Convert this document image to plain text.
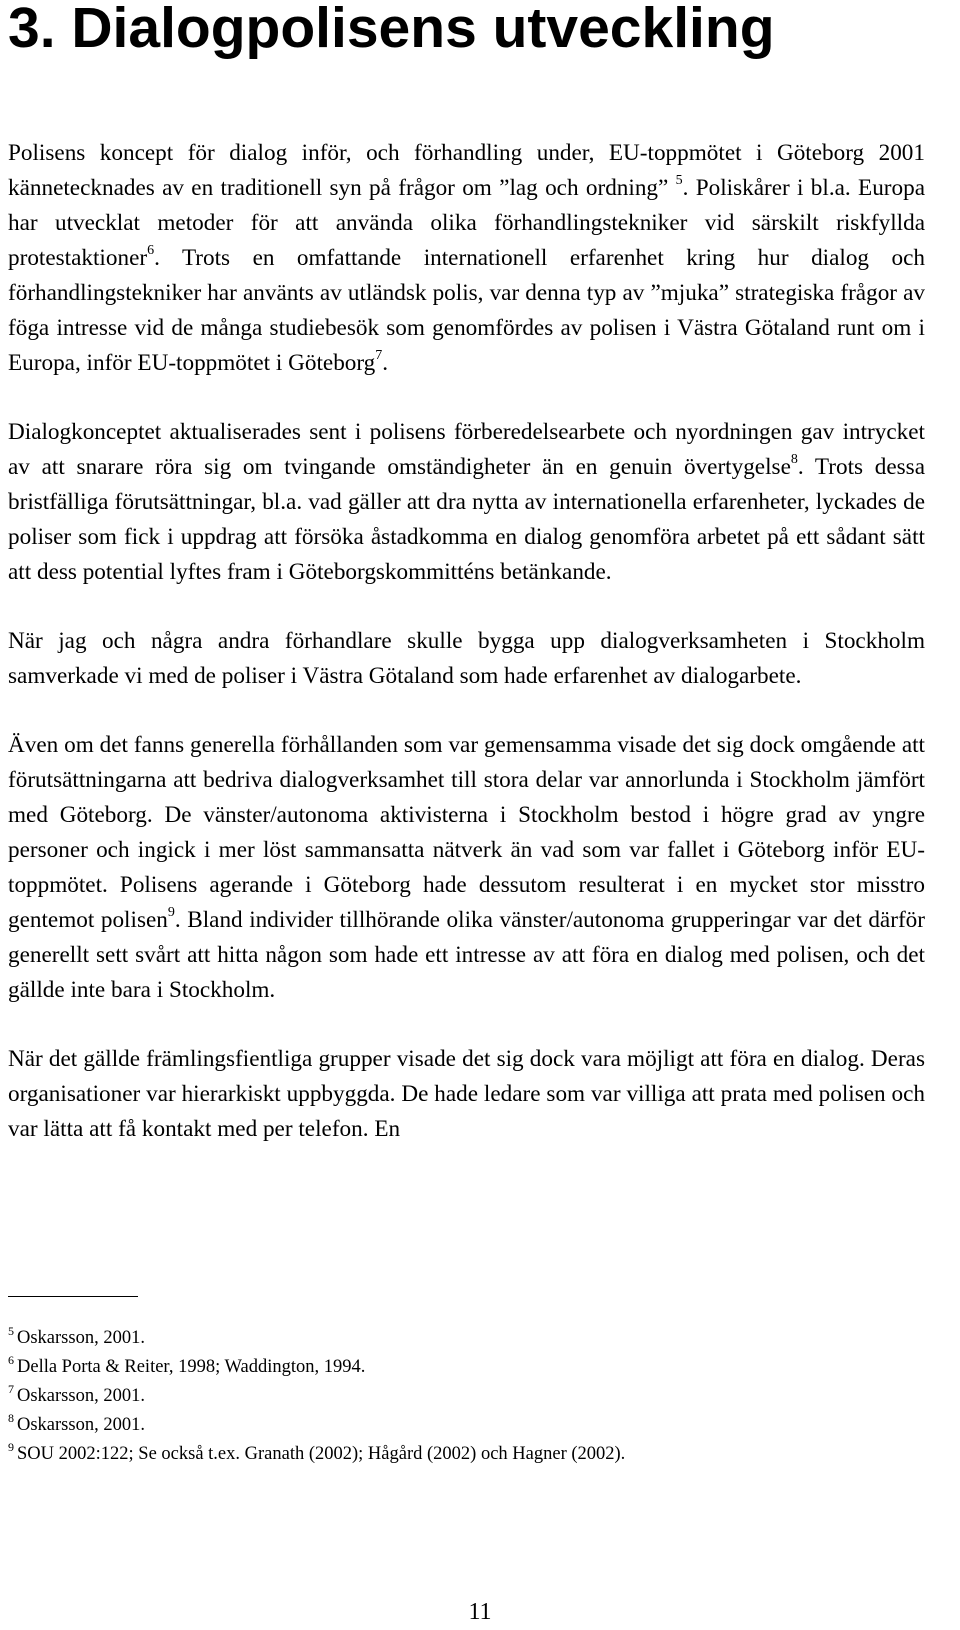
3. Dialogpolisens utveckling

Polisens koncept för dialog inför, och förhandling under, EU-toppmötet i Göteborg 2001 kännetecknades av en traditionell syn på frågor om ”lag och ordning” $^5$. Poliskårer i bl.a. Europa har utvecklat metoder för att använda olika förhandlingstekniker vid särskilt riskfyllda protestaktioner$^6$. Trots en omfattande internationell erfarenhet kring hur dialog och förhandlingstekniker har använts av utländsk polis, var denna typ av ”mjuka” strategiska frågor av föga intresse vid de många studiebesök som genomfördes av polisen i Västra Götaland runt om i Europa, inför EU-toppmötet i Göteborg$^7$.

Dialogkonceptet aktualiserades sent i polisens förberedelsearbete och nyordningen gav intrycket av att snarare röra sig om tvingande omständigheter än en genuin övertygelse$^8$. Trots dessa bristfälliga förutsättningar, bl.a. vad gäller att dra nytta av internationella erfarenheter, lyckades de poliser som fick i uppdrag att försöka åstadkomma en dialog genomföra arbetet på ett sådant sätt att dess potential lyftes fram i Göteborgskommitténs betänkande.

När jag och några andra förhandlare skulle bygga upp dialogverksamheten i Stockholm samverkade vi med de poliser i Västra Götaland som hade erfarenhet av dialogarbete.

Även om det fanns generella förhållanden som var gemensamma visade det sig dock omgående att förutsättningarna att bedriva dialogverksamhet till stora delar var annorlunda i Stockholm jämfört med Göteborg. De vänster/autonoma aktivisterna i Stockholm bestod i högre grad av yngre personer och ingick i mer löst sammansatta nätverk än vad som var fallet i Göteborg inför EU-toppmötet. Polisens agerande i Göteborg hade dessutom resulterat i en mycket stor misstro gentemot polisen$^9$. Bland individer tillhörande olika vänster/autonoma grupperingar var det därför generellt sett svårt att hitta någon som hade ett intresse av att föra en dialog med polisen, och det gällde inte bara i Stockholm.

När det gällde främlingsfientliga grupper visade det sig dock vara möjligt att föra en dialog. Deras organisationer var hierarkiskt uppbyggda. De hade ledare som var villiga att prata med polisen och var lätta att få kontakt med per telefon. En

$^5$ Oskarsson, 2001.

$^6$ Della Porta & Reiter, 1998; Waddington, 1994.

$^7$ Oskarsson, 2001.

$^8$ Oskarsson, 2001.

$^9$ SOU 2002:122; Se också t.ex. Granath (2002); Hågård (2002) och Hagner (2002).

11
